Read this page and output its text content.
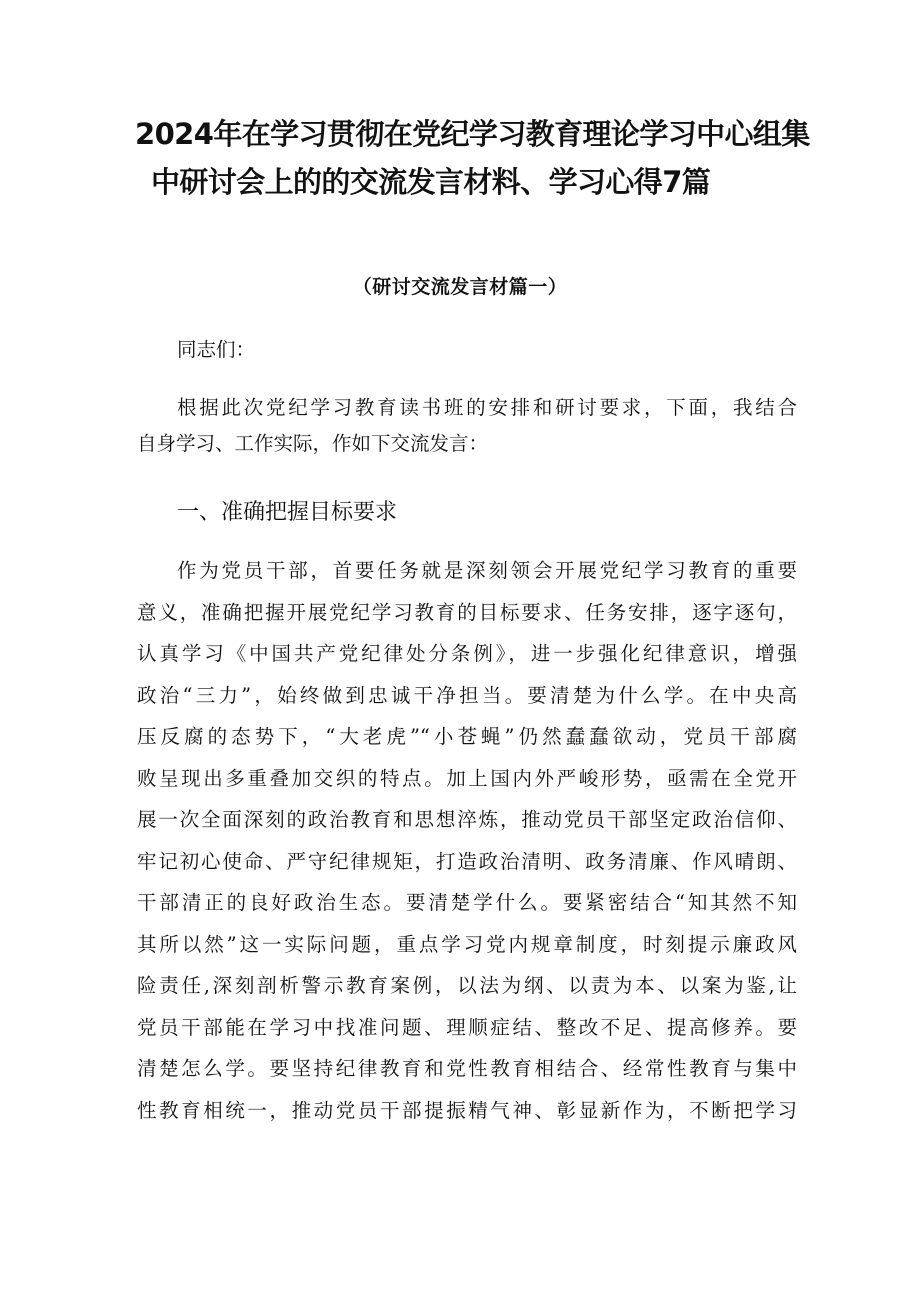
2024年在学习贯彻在党纪学习教育理论学习中心组集
中研讨会上的的交流发言材料、学习心得7篇
（研讨交流发言材篇一）
同志们：
根据此次党纪学习教育读书班的安排和研讨要求，下面，我结合
自身学习、工作实际，作如下交流发言：
一、准确把握目标要求
作为党员干部，首要任务就是深刻领会开展党纪学习教育的重要
意义，准确把握开展党纪学习教育的目标要求、任务安排，逐字逐句，
认真学习《中国共产党纪律处分条例》，进一步强化纪律意识，增强
政治“三力”，始终做到忠诚干净担当。要清楚为什么学。在中央高
压反腐的态势下，“大老虎”“小苍蝇”仍然蠢蠢欲动，党员干部腐
败呈现出多重叠加交织的特点。加上国内外严峻形势，亟需在全党开
展一次全面深刻的政治教育和思想淬炼，推动党员干部坚定政治信仰、
牢记初心使命、严守纪律规矩，打造政治清明、政务清廉、作风晴朗、
干部清正的良好政治生态。要清楚学什么。要紧密结合“知其然不知
其所以然”这一实际问题，重点学习党内规章制度，时刻提示廉政风
险责任,深刻剖析警示教育案例，以法为纲、以责为本、以案为鉴,让
党员干部能在学习中找准问题、理顺症结、整改不足、提高修养。要
清楚怎么学。要坚持纪律教育和党性教育相结合、经常性教育与集中
性教育相统一，推动党员干部提振精气神、彰显新作为，不断把学习
